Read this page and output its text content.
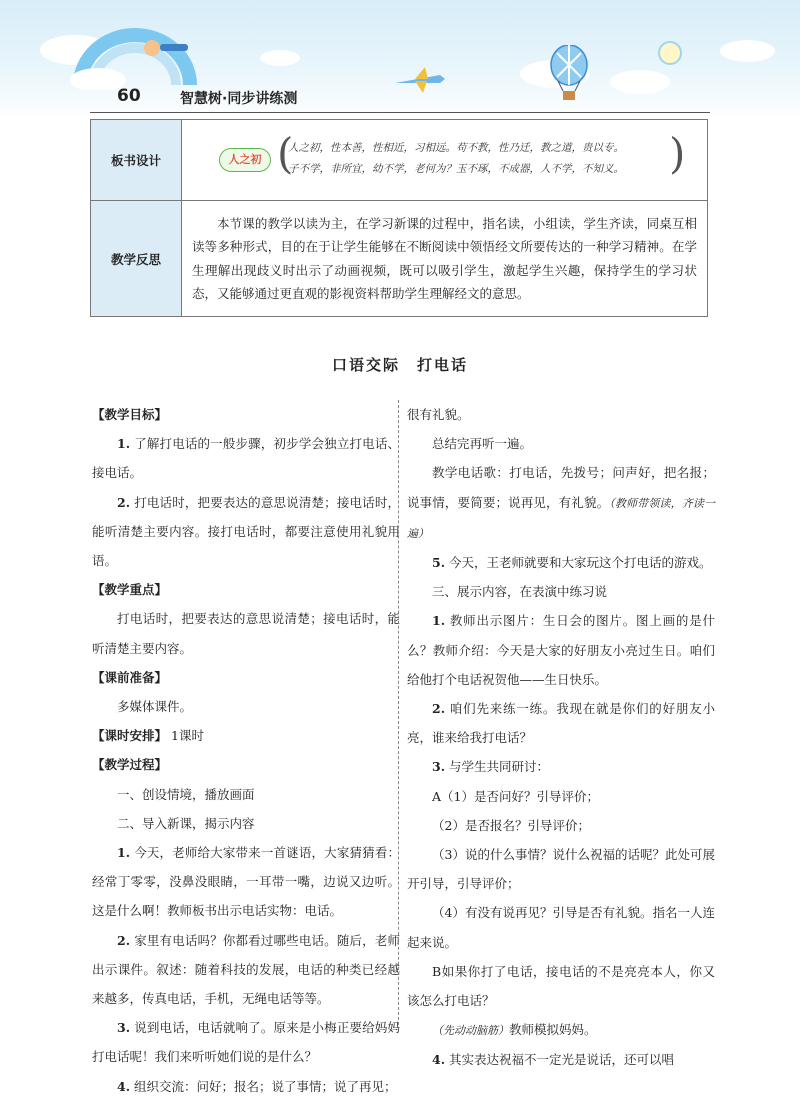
60	智慧树·同步讲练测
板书设计	人之初 (
人之初，性本善，性相近，习相远。苟不教，性乃迁，教之道，贵以专。
子不学，非所宜，幼不学，老何为？玉不琢，不成器，人不学，不知义。 )

教学反思	本节课的教学以读为主，在学习新课的过程中，指名读，小组读，学生齐读，同桌互相读等多种形式，目的在于让学生能够在不断阅读中领悟经文所要传达的一种学习精神。在学生理解出现歧义时出示了动画视频，既可以吸引学生，激起学生兴趣，保持学生的学习状态，又能够通过更直观的影视资料帮助学生理解经文的意思。
口语交际　打电话

【教学目标】

1. 了解打电话的一般步骤，初步学会独立打电话、接电话。

2. 打电话时，把要表达的意思说清楚；接电话时，能听清楚主要内容。接打电话时，都要注意使用礼貌用语。

【教学重点】

打电话时，把要表达的意思说清楚；接电话时，能听清楚主要内容。

【课前准备】

多媒体课件。

【课时安排】 1课时

【教学过程】

一、创设情境，播放画面

二、导入新课，揭示内容

1. 今天，老师给大家带来一首谜语，大家猜猜看：经常丁零零，没鼻没眼睛，一耳带一嘴，边说又边听。这是什么啊！教师板书出示电话实物：电话。

2. 家里有电话吗？你都看过哪些电话。随后，老师出示课件。叙述：随着科技的发展，电话的种类已经越来越多，传真电话，手机，无绳电话等等。

3. 说到电话，电话就响了。原来是小梅正要给妈妈打电话呢！我们来听听她们说的是什么？

4. 组织交流：问好；报名；说了事情；说了再见；

很有礼貌。

总结完再听一遍。

教学电话歌：打电话，先拨号；问声好，把名报；说事情，要简要；说再见，有礼貌。（教师带领读，齐读一遍）

5. 今天，王老师就要和大家玩这个打电话的游戏。

三、展示内容，在表演中练习说

1. 教师出示图片：生日会的图片。图上画的是什么？教师介绍：今天是大家的好朋友小亮过生日。咱们给他打个电话祝贺他——生日快乐。

2. 咱们先来练一练。我现在就是你们的好朋友小亮，谁来给我打电话？

3. 与学生共同研讨：

A（1）是否问好？引导评价；

（2）是否报名？引导评价；

（3）说的什么事情？说什么祝福的话呢？此处可展开引导，引导评价；

（4）有没有说再见？引导是否有礼貌。指名一人连起来说。

B如果你打了电话，接电话的不是亮亮本人，你又该怎么打电话？

（先动动脑筋）教师模拟妈妈。

4. 其实表达祝福不一定光是说话，还可以唱
